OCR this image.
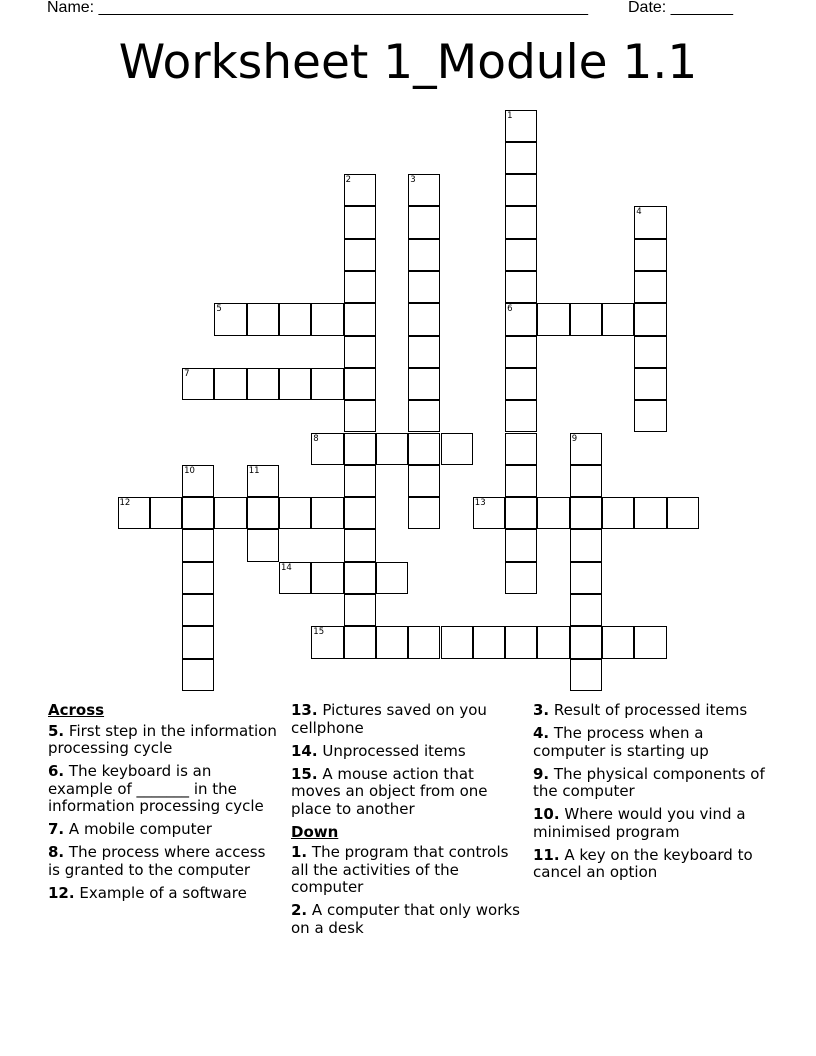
Name: _______________________________________________________	Date: _______
Worksheet 1_Module 1.1
1
6
2	3
4
5
7
8	9
10	11
12	13
14
15
Across
5. First step in the information processing cycle
6. The keyboard is an example of _______ in the information processing cycle
7. A mobile computer
8. The process where access is granted to the computer
12. Example of a software
13. Pictures saved on you cellphone
14. Unprocessed items
15. A mouse action that moves an object from one place to another
Down
1. The program that controls all the activities of the computer
2. A computer that only works on a desk
3. Result of processed items
4. The process when a computer is starting up
9. The physical components of the computer
10. Where would you vind a minimised program
11. A key on the keyboard to cancel an option
